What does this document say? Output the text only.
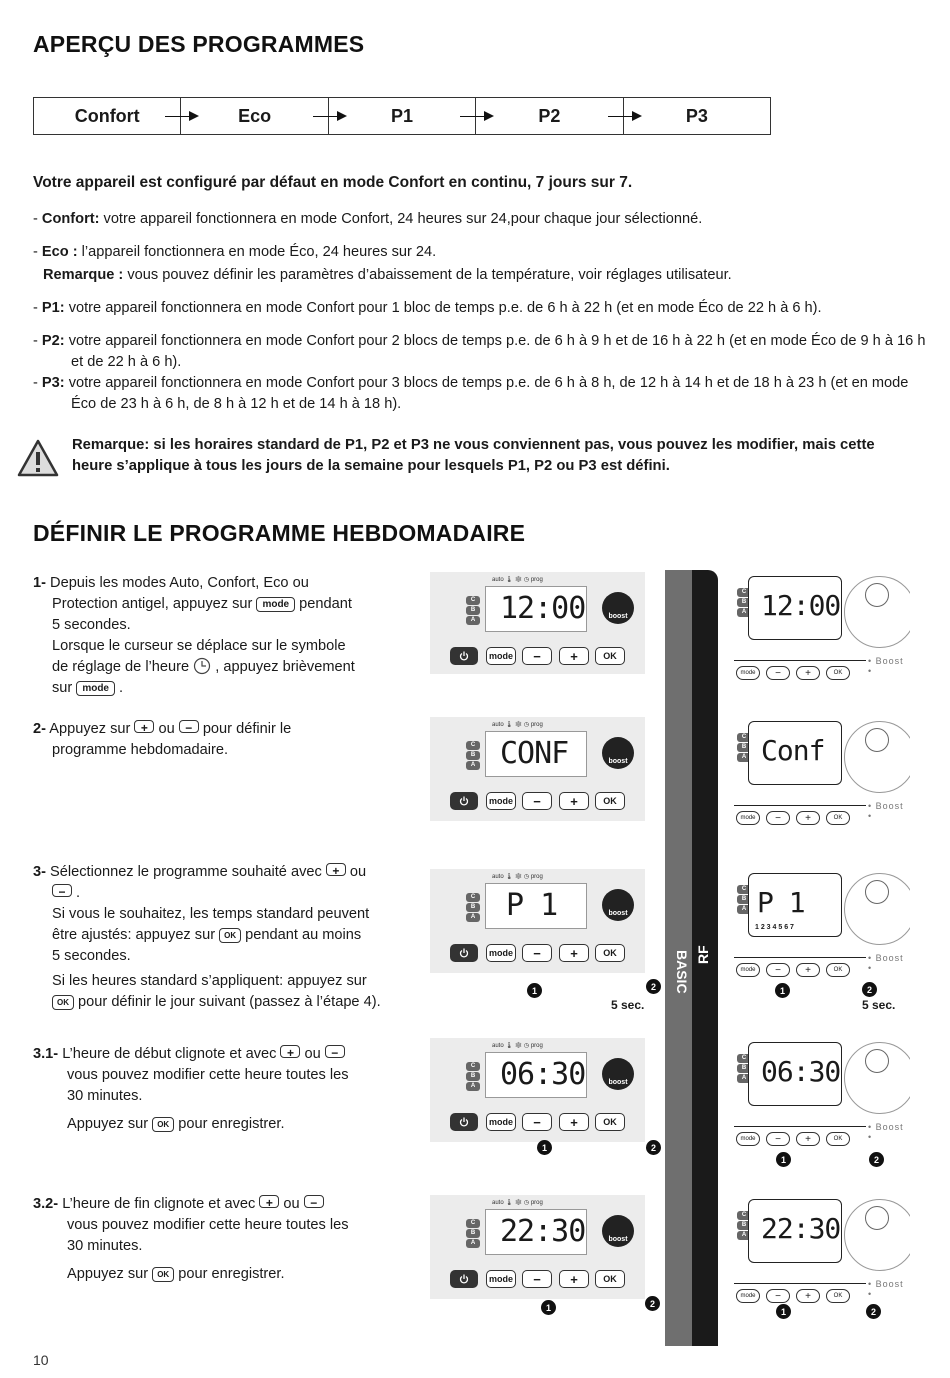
APERÇU DES PROGRAMMES
Confort	Eco	P1	P2	P3
Votre appareil est configuré par défaut en mode Confort en continu, 7 jours sur 7.
- Confort: votre appareil fonctionnera en mode Confort, 24 heures sur 24,pour chaque jour sélectionné.
- Eco : l’appareil fonctionnera en mode Éco, 24 heures sur 24.
Remarque : vous pouvez définir les paramètres d’abaissement de la température, voir réglages utilisateur.
- P1: votre appareil fonctionnera en mode Confort pour 1 bloc de temps p.e. de 6 h à 22 h (et en mode Éco de 22 h à 6 h).
- P2: votre appareil fonctionnera en mode Confort pour 2 blocs de temps p.e. de 6 h à 9 h et de 16 h à 22 h (et en mode Éco de 9 h à 16 h et de 22 h à 6 h).
- P3: votre appareil fonctionnera en mode Confort pour 3 blocs de temps p.e. de 6 h à 8 h, de 12 h à 14 h et de 18 h à 23 h (et en mode Éco de 23 h à 6 h, de 8 h à 12 h et de 14 h à 18 h).
Remarque: si les horaires standard de P1, P2 et P3 ne vous conviennent pas, vous pouvez les modifier, mais cette heure s’applique à tous les jours de la semaine pour lesquels P1, P2 ou P3 est défini.
DÉFINIR LE PROGRAMME HEBDOMADAIRE
1- Depuis les modes Auto, Confort, Eco ou
Protection antigel, appuyez sur mode pendant
5 secondes.
Lorsque le curseur se déplace sur le symbole
de réglage de l’heure  , appuyez brièvement
sur mode .
2- Appuyez sur + ou − pour définir le
programme hebdomadaire.
3- Sélectionnez le programme souhaité avec + ou
− .
Si vous le souhaitez, les temps standard peuvent
être ajustés: appuyez sur OK pendant au moins
5 secondes.
Si les heures standard s’appliquent: appuyez sur
OK pour définir le jour suivant (passez à l’étape 4).
3.1- L’heure de début clignote et avec + ou −
vous pouvez modifier cette heure toutes les
30 minutes.
Appuyez sur OK pour enregistrer.
3.2- L’heure de fin clignote et avec + ou −
vous pouvez modifier cette heure toutes les
30 minutes.
Appuyez sur OK pour enregistrer.
auto 🌡 ❄ ◷ prog
C
B
A 12:00	boost
mode − +	OK
auto 🌡 ❄ ◷ prog
C
B
A CONF	boost
mode − +	OK
auto 🌡 ❄ ◷ prog
C
B
A P 1	boost
mode − +	OK
auto 🌡 ❄ ◷ prog
C
B
A 06:30	boost
mode − +	OK
auto 🌡 ❄ ◷ prog
C
B
A 22:30	boost
mode − +	OK
BASIC RF
C
B
A 12:00
• Boost •
mode − +	OK
C
B
A Conf
• Boost •
mode − +	OK
C
B
A P 1
1 2 3 4 5 6 7
• Boost •
mode − +	OK
C
B
A 06:30
• Boost •
mode − +	OK
C
B
A 22:30
• Boost •
mode − +	OK
10
1	2
1	2
1	2
1	2
1	2
1	2
5 sec.	5 sec.
